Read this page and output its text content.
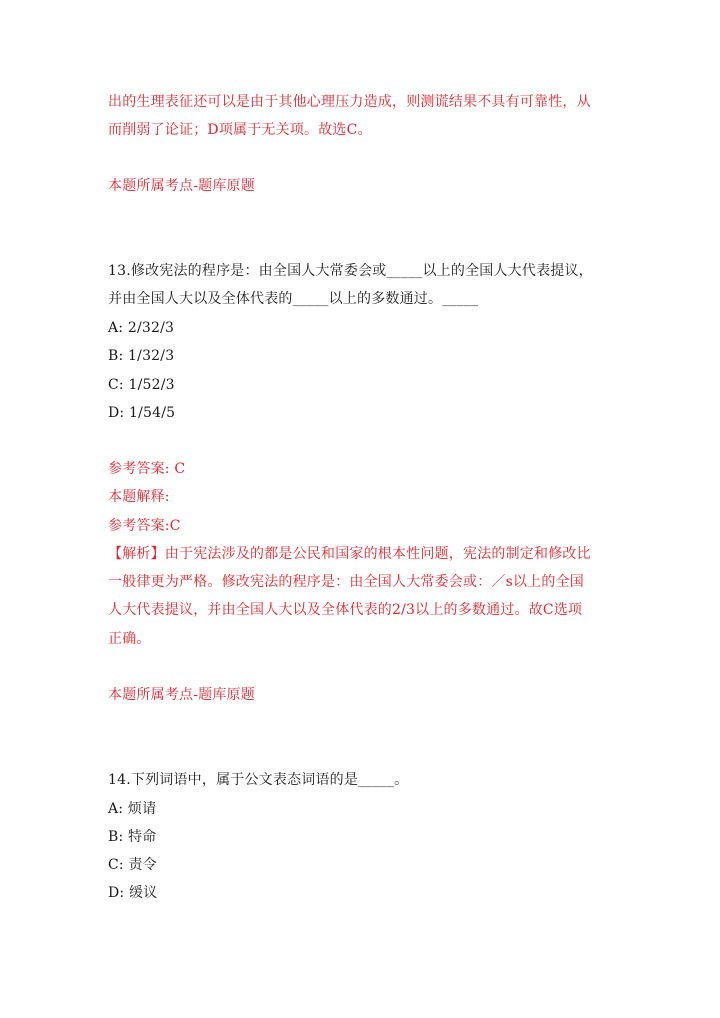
出的生理表征还可以是由于其他心理压力造成，则测谎结果不具有可靠性，从
而削弱了论证；D项属于无关项。故选C。
本题所属考点-题库原题
13.修改宪法的程序是：由全国人大常委会或_____以上的全国人大代表提议，
并由全国人大以及全体代表的_____以上的多数通过。_____
A: 2/32/3
B: 1/32/3
C: 1/52/3
D: 1/54/5
参考答案: C
本题解释:
参考答案:C
【解析】由于宪法涉及的都是公民和国家的根本性问题，宪法的制定和修改比
一般律更为严格。修改宪法的程序是：由全国人大常委会或：／s以上的全国
人大代表提议，并由全国人大以及全体代表的2/3以上的多数通过。故C选项
正确。
本题所属考点-题库原题
14.下列词语中，属于公文表态词语的是_____。
A: 烦请
B: 特命
C: 责令
D: 缓议
